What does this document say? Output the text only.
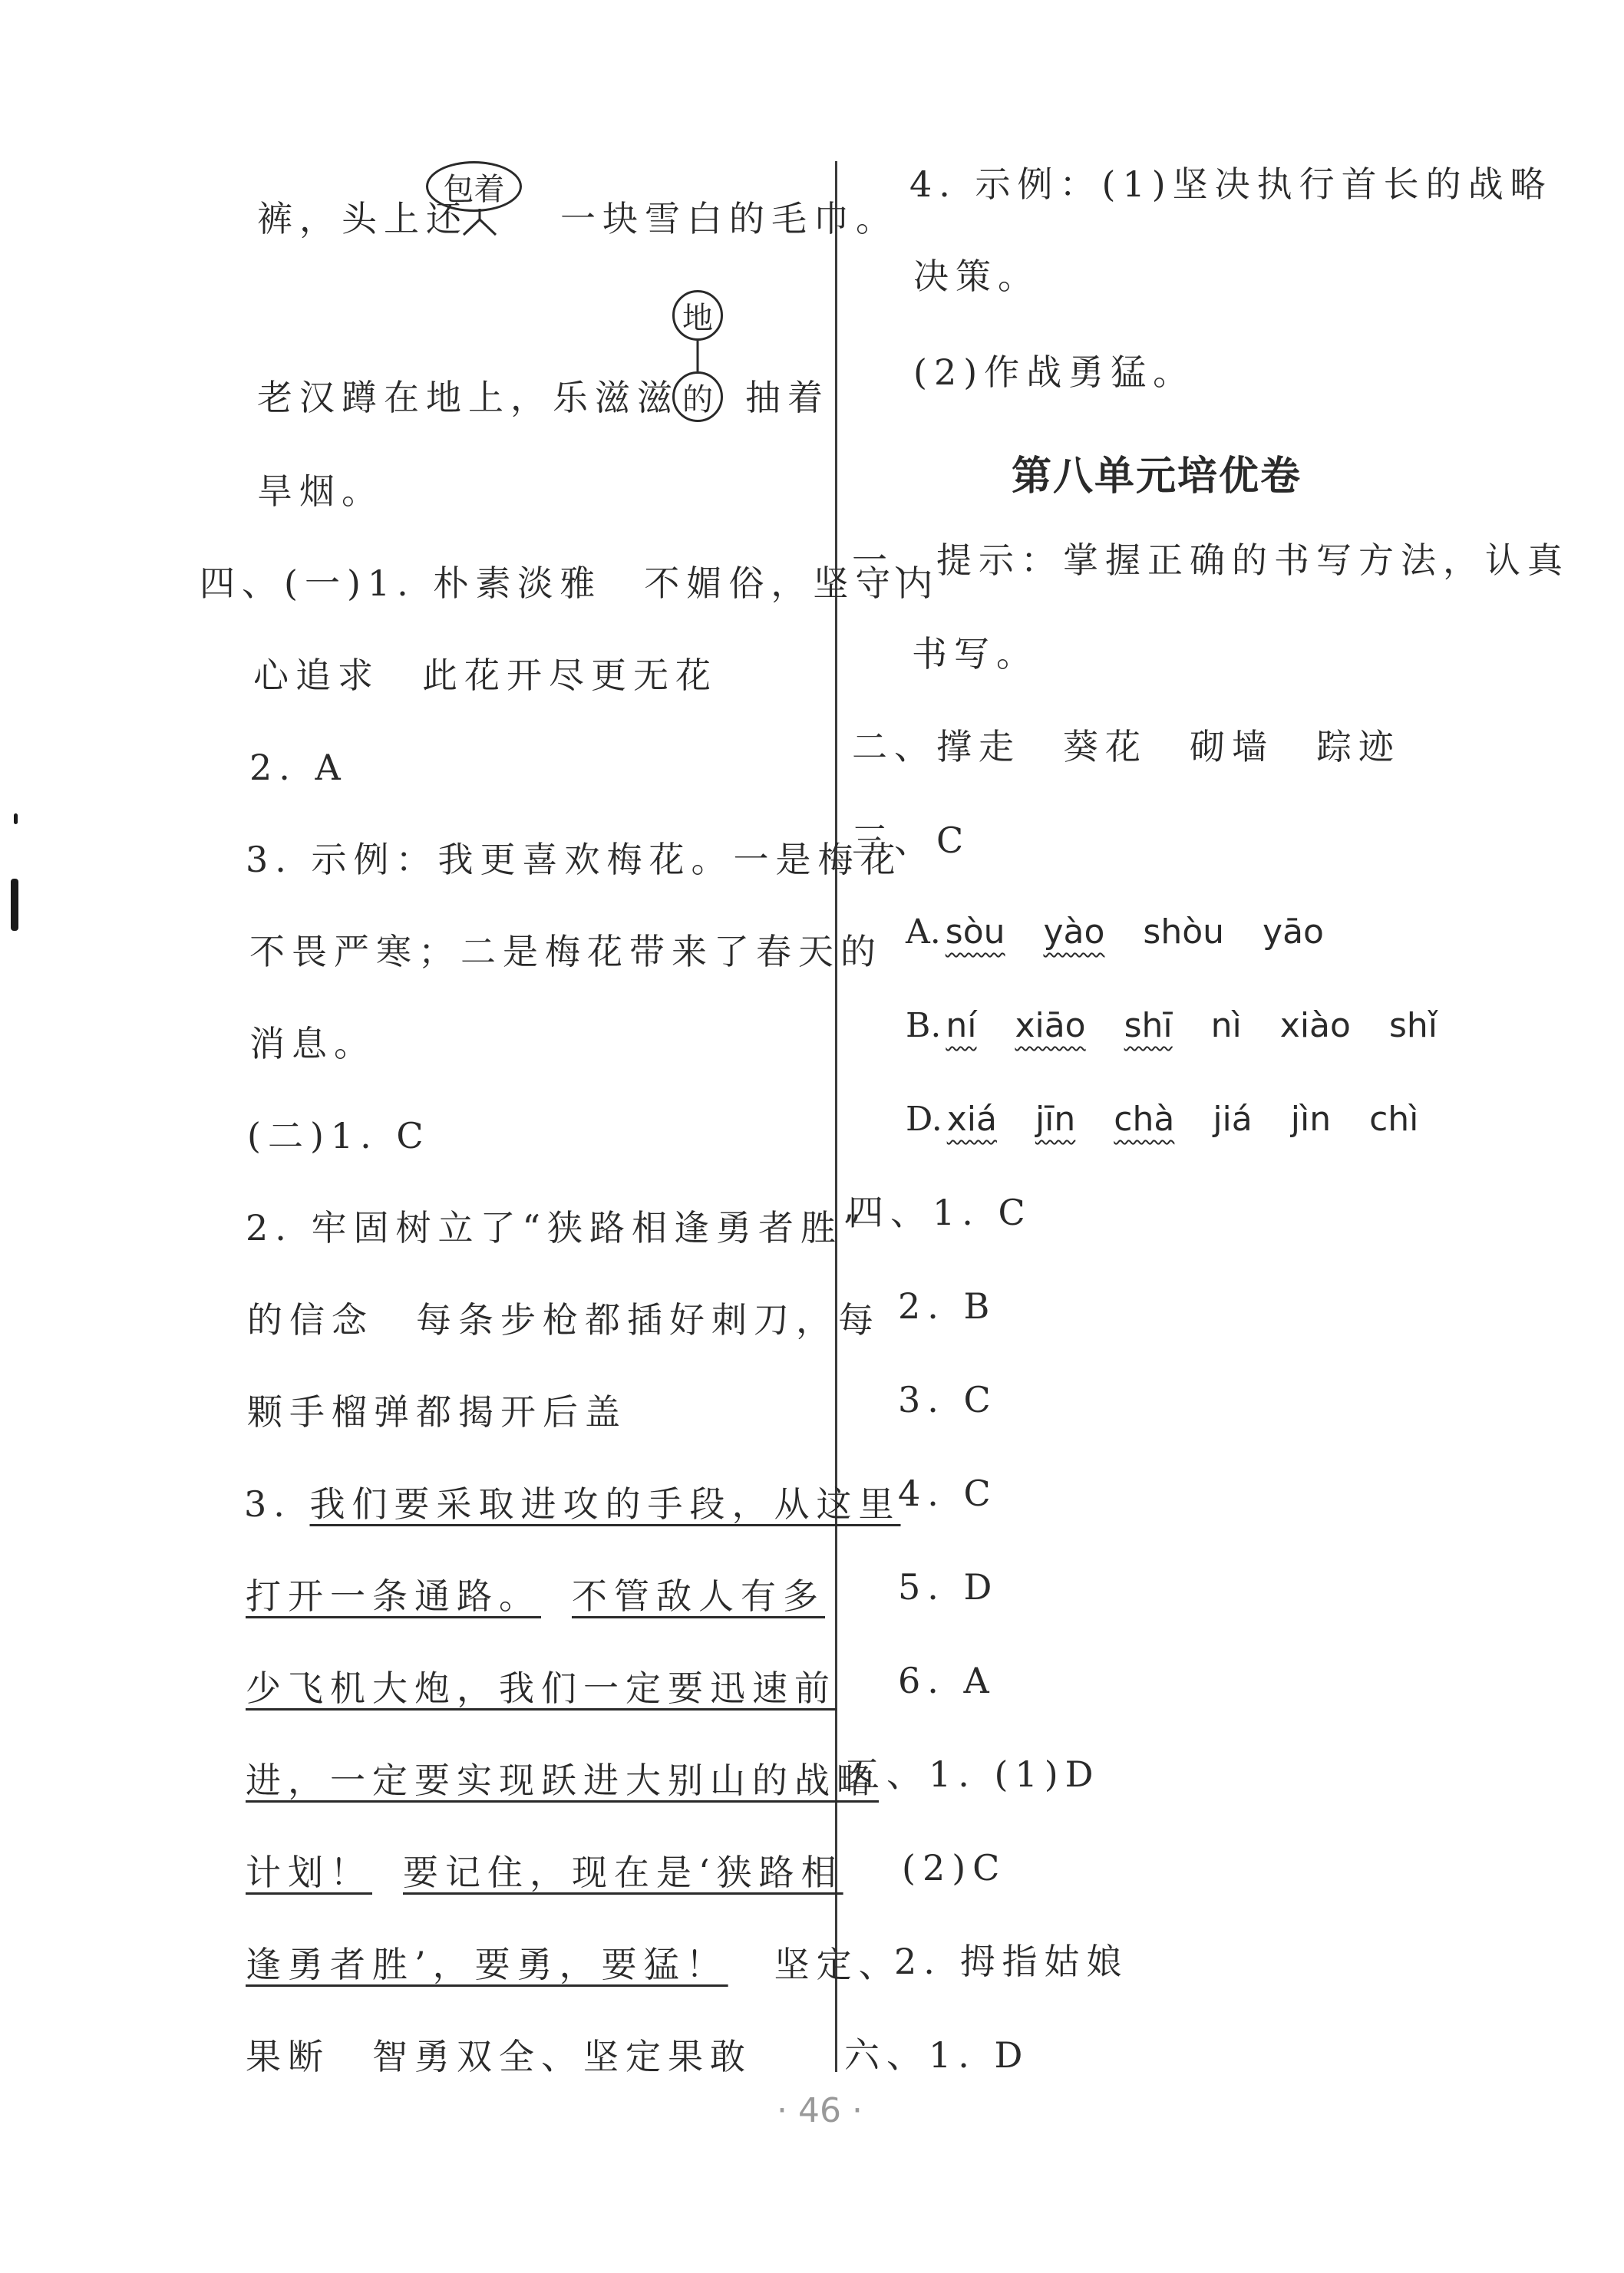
裤，头上还	一块雪白的毛巾。
包着
老汉蹲在地上，乐滋滋 抽着
地
的
旱烟。
四、(一)1. 朴素淡雅　不媚俗，坚守内
心追求　此花开尽更无花
2. A
3. 示例：我更喜欢梅花。一是梅花
不畏严寒；二是梅花带来了春天的
消息。
(二)1. C
2. 牢固树立了“狭路相逢勇者胜”
的信念　每条步枪都插好刺刀，每
颗手榴弹都揭开后盖
3. 我们要采取进攻的手段，从这里
打开一条通路。 不管敌人有多
少飞机大炮，我们一定要迅速前
进，一定要实现跃进大别山的战略
计划！ 要记住，现在是‘狭路相
逢勇者胜’，要勇，要猛！ 坚定、
果断　智勇双全、坚定果敢
4. 示例：(1)坚决执行首长的战略
决策。
(2)作战勇猛。
第八单元培优卷
一、提示：掌握正确的书写方法，认真
书写。
二、撑走　葵花　砌墙　踪迹
三、C
A. sòu yào shòu yāo
B. ní xiāo shī nì xiào shǐ
D. xiá jīn chà jiá jìn chì
四、1. C
2. B
3. C
4. C
5. D
6. A
五、1. (1)D
(2)C
2. 拇指姑娘
六、1. D
· 46 ·
